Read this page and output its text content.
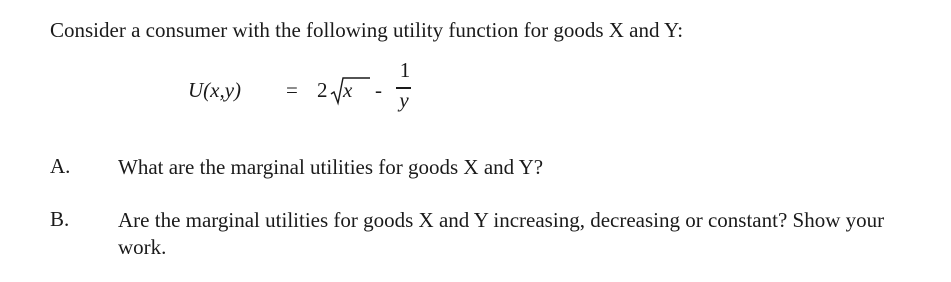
Consider a consumer with the following utility function for goods X and Y:
U(x,y) = 2 x -
1
y
A. What are the marginal utilities for goods X and Y?
B. Are the marginal utilities for goods X and Y increasing, decreasing or constant? Show your work.
